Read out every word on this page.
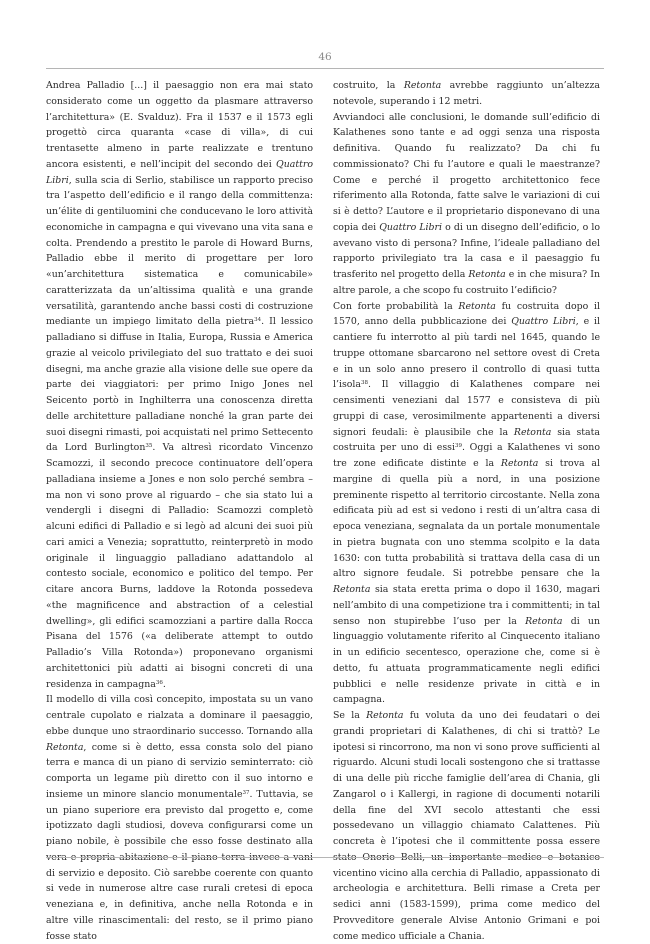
46

Andrea Palladio [...] il paesaggio non era mai stato considerato come un oggetto da plasmare attraverso l’architettura» (E. Svalduz). Fra il 1537 e il 1573 egli progettò circa quaranta «case di villa», di cui trentasette almeno in parte realizzate e trentuno ancora esistenti, e nell’incipit del secondo dei Quattro Libri, sulla scia di Serlio, stabilisce un rapporto preciso tra l’aspetto dell’edificio e il rango della committenza: un’élite di gentiluomini che conducevano le loro attività economiche in campagna e qui vivevano una vita sana e colta. Prendendo a prestito le parole di Howard Burns, Palladio ebbe il merito di progettare per loro «un’architettura sistematica e comunicabile» caratterizzata da un’altissima qualità e una grande versatilità, garantendo anche bassi costi di costruzione mediante un impiego limitato della pietra$^{34}$. Il lessico palladiano si diffuse in Italia, Europa, Russia e America grazie al veicolo privilegiato del suo trattato e dei suoi disegni, ma anche grazie alla visione delle sue opere da parte dei viaggiatori: per primo Inigo Jones nel Seicento portò in Inghilterra una conoscenza diretta delle architetture palladiane nonché la gran parte dei suoi disegni rimasti, poi acquistati nel primo Settecento da Lord Burlington$^{35}$. Va altresì ricordato Vincenzo Scamozzi, il secondo precoce continuatore dell’opera palladiana insieme a Jones e non solo perché sembra – ma non vi sono prove al riguardo – che sia stato lui a vendergli i disegni di Palladio: Scamozzi completò alcuni edifici di Palladio e si legò ad alcuni dei suoi più cari amici a Venezia; soprattutto, reinterpretò in modo originale il linguaggio palladiano adattandolo al contesto sociale, economico e politico del tempo. Per citare ancora Burns, laddove la Rotonda possedeva «the magnificence and abstraction of a celestial dwelling», gli edifici scamozziani a partire dalla Rocca Pisana del 1576 («a deliberate attempt to outdo Palladio’s Villa Rotonda») proponevano organismi architettonici più adatti ai bisogni concreti di una residenza in campagna$^{36}$.

Il modello di villa così concepito, impostata su un vano centrale cupolato e rialzata a dominare il paesaggio, ebbe dunque uno straordinario successo. Tornando alla Retonta, come si è detto, essa consta solo del piano terra e manca di un piano di servizio seminterrato: ciò comporta un legame più diretto con il suo intorno e insieme un minore slancio monumentale$^{37}$. Tuttavia, se un piano superiore era previsto dal progetto e, come ipotizzato dagli studiosi, doveva configurarsi come un piano nobile, è possibile che esso fosse destinato alla vera e propria abitazione e il piano terra invece a vani di servizio e deposito. Ciò sarebbe coerente con quanto si vede in numerose altre case rurali cretesi di epoca veneziana e, in definitiva, anche nella Rotonda e in altre ville rinascimentali: del resto, se il primo piano fosse stato

costruito, la Retonta avrebbe raggiunto un’altezza notevole, superando i 12 metri.

Avviandoci alle conclusioni, le domande sull’edificio di Kalathenes sono tante e ad oggi senza una risposta definitiva. Quando fu realizzato? Da chi fu commissionato? Chi fu l’autore e quali le maestranze? Come e perché il progetto architettonico fece riferimento alla Rotonda, fatte salve le variazioni di cui si è detto? L’autore e il proprietario disponevano di una copia dei Quattro Libri o di un disegno dell’edificio, o lo avevano visto di persona? Infine, l’ideale palladiano del rapporto privilegiato tra la casa e il paesaggio fu trasferito nel progetto della Retonta e in che misura? In altre parole, a che scopo fu costruito l’edificio?

Con forte probabilità la Retonta fu costruita dopo il 1570, anno della pubblicazione dei Quattro Libri, e il cantiere fu interrotto al più tardi nel 1645, quando le truppe ottomane sbarcarono nel settore ovest di Creta e in un solo anno presero il controllo di quasi tutta l’isola$^{38}$. Il villaggio di Kalathenes compare nei censimenti veneziani dal 1577 e consisteva di più gruppi di case, verosimilmente appartenenti a diversi signori feudali: è plausibile che la Retonta sia stata costruita per uno di essi$^{39}$. Oggi a Kalathenes vi sono tre zone edificate distinte e la Retonta si trova al margine di quella più a nord, in una posizione preminente rispetto al territorio circostante. Nella zona edificata più ad est si vedono i resti di un’altra casa di epoca veneziana, segnalata da un portale monumentale in pietra bugnata con uno stemma scolpito e la data 1630: con tutta probabilità si trattava della casa di un altro signore feudale. Si potrebbe pensare che la Retonta sia stata eretta prima o dopo il 1630, magari nell’ambito di una competizione tra i committenti; in tal senso non stupirebbe l’uso per la Retonta di un linguaggio volutamente riferito al Cinquecento italiano in un edificio secentesco, operazione che, come si è detto, fu attuata programmaticamente negli edifici pubblici e nelle residenze private in città e in campagna.

Se la Retonta fu voluta da uno dei feudatari o dei grandi proprietari di Kalathenes, di chi si trattò? Le ipotesi si rincorrono, ma non vi sono prove sufficienti al riguardo. Alcuni studi locali sostengono che si trattasse di una delle più ricche famiglie dell’area di Chania, gli Zangarol o i Kallergi, in ragione di documenti notarili della fine del XVI secolo attestanti che essi possedevano un villaggio chiamato Calattenes. Più concreta è l’ipotesi che il committente possa essere stato Onorio Belli, un importante medico e botanico vicentino vicino alla cerchia di Palladio, appassionato di archeologia e architettura. Belli rimase a Creta per sedici anni (1583-1599), prima come medico del Provveditore generale Alvise Antonio Grimani e poi come medico ufficiale a Chania.
